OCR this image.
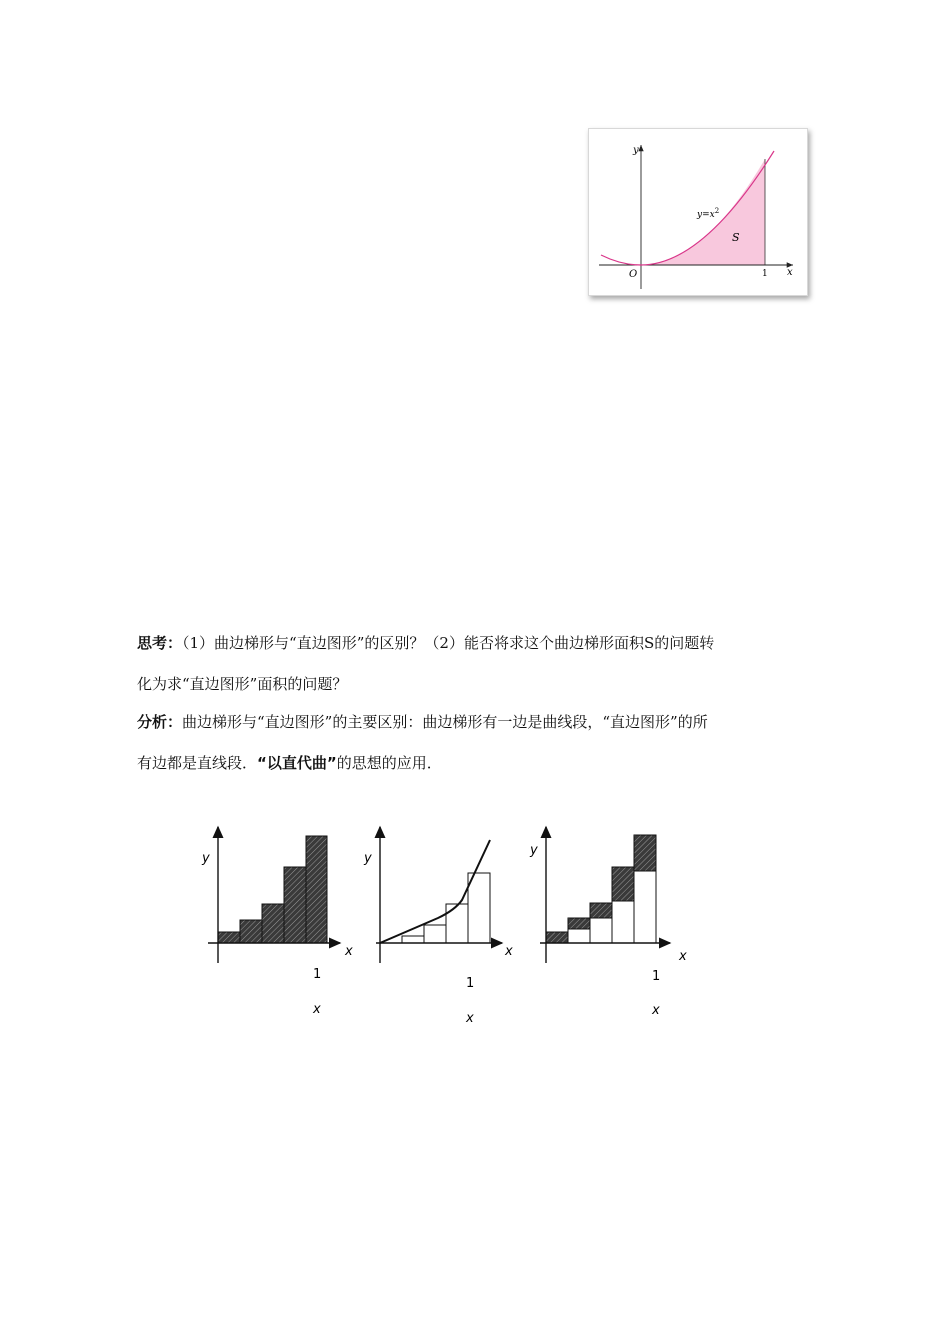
y
x
O	1
$y=x^2$
S
思考：（1）曲边梯形与“直边图形”的区别？（2）能否将求这个曲边梯形面积S的问题转
化为求“直边图形”面积的问题？
分析：曲边梯形与“直边图形”的主要区别：曲边梯形有一边是曲线段，“直边图形”的所
有边都是直线段．“以直代曲”的思想的应用．
y
x
1
x
y
x
1
x
y
x
1
x
